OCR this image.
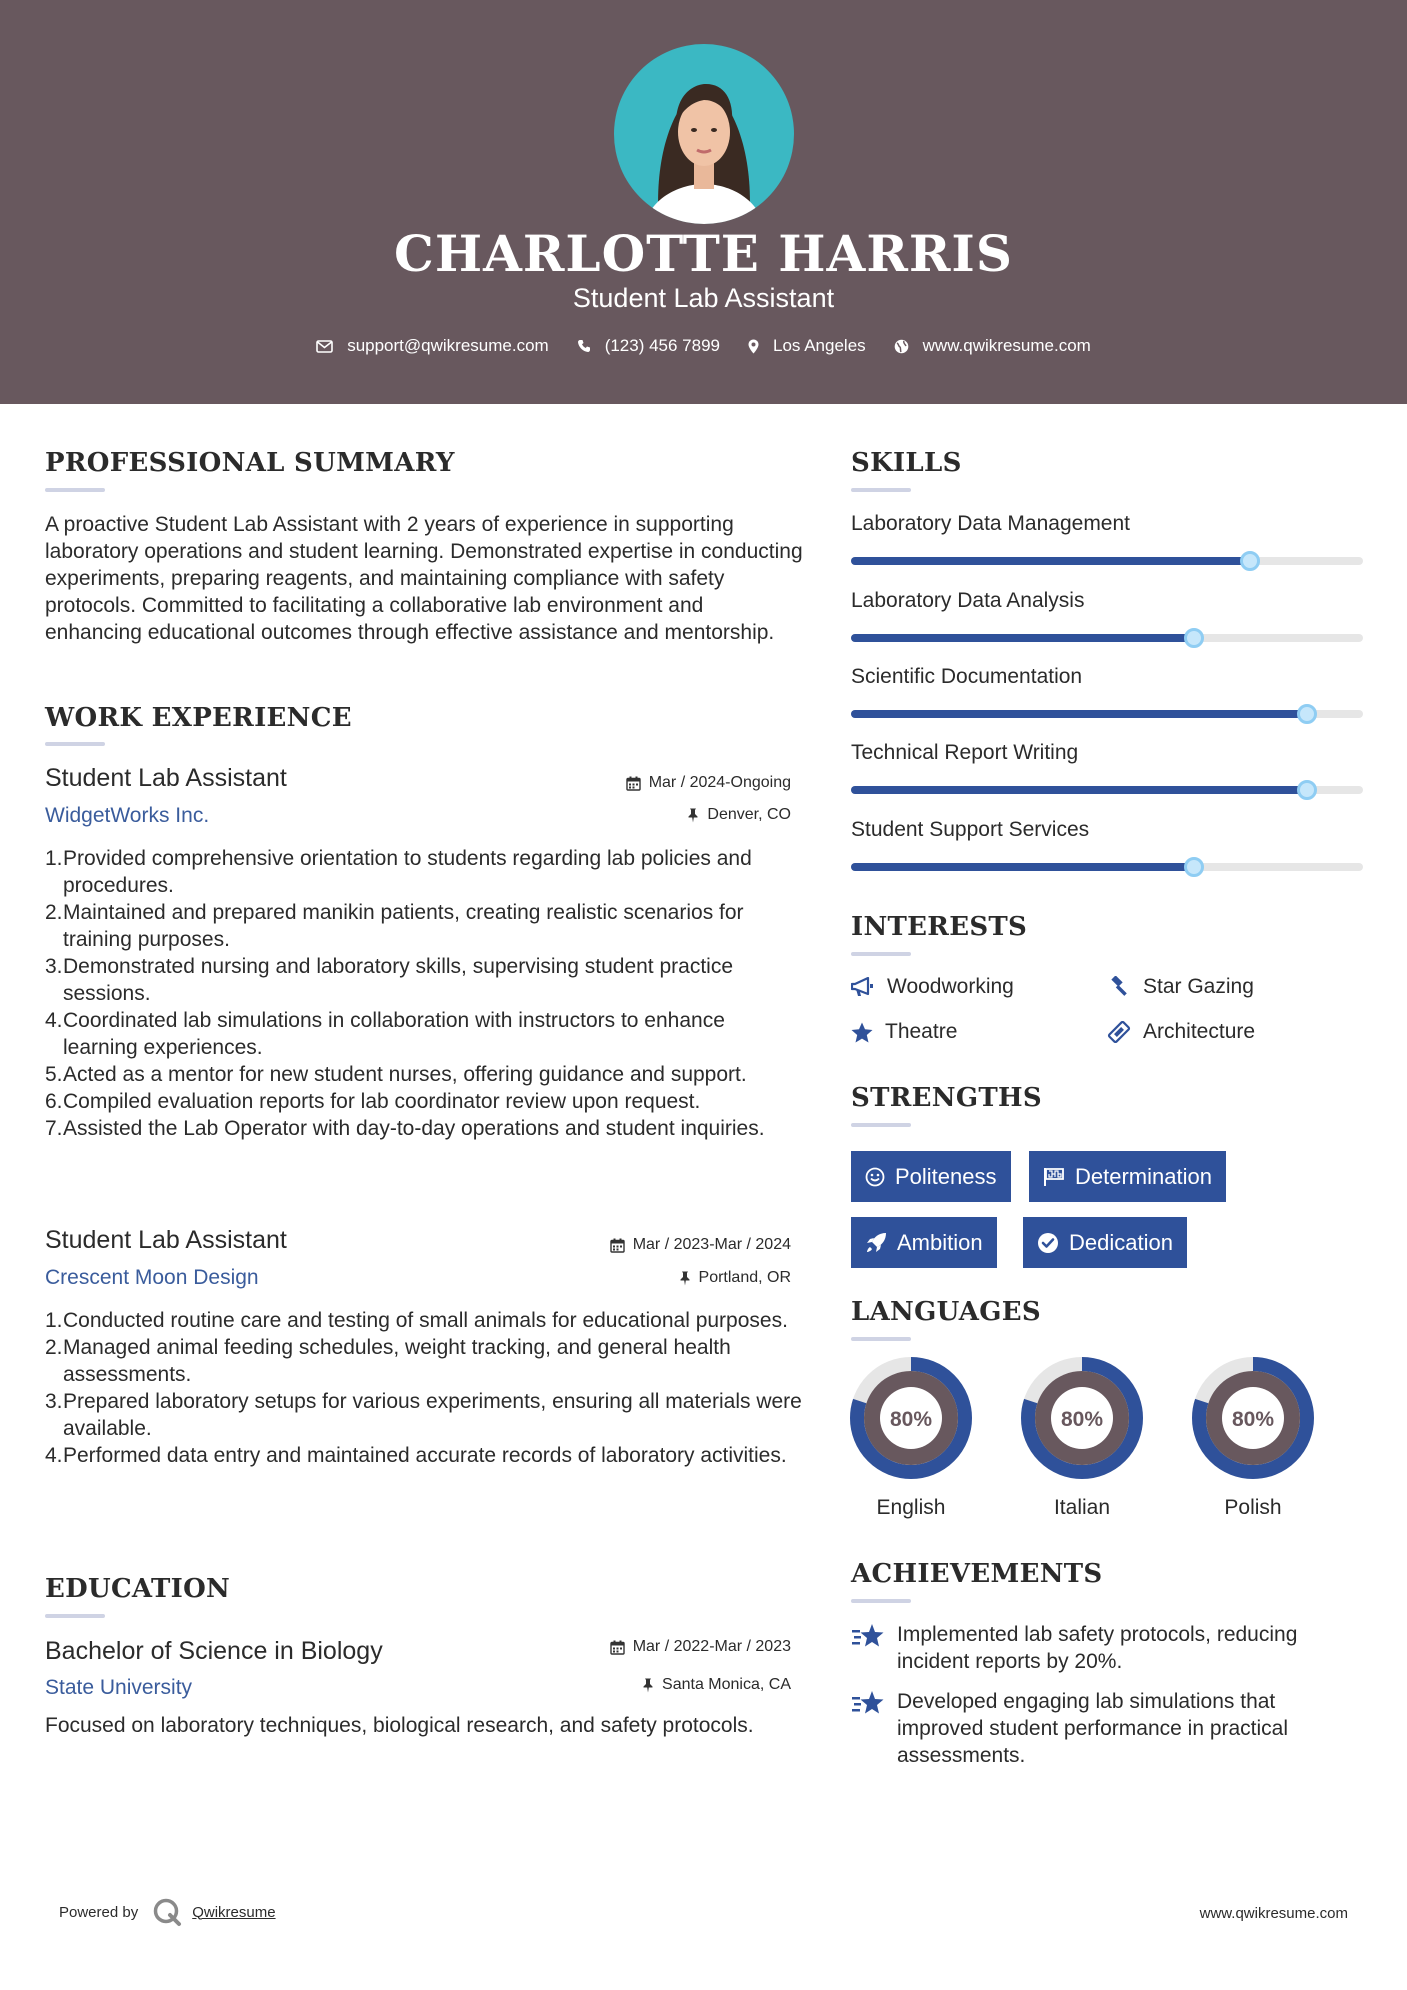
CHARLOTTE HARRIS
Student Lab Assistant
support@qwikresume.com	(123) 456 7899	Los Angeles	www.qwikresume.com
PROFESSIONAL SUMMARY
A proactive Student Lab Assistant with 2 years of experience in supporting laboratory operations and student learning. Demonstrated expertise in conducting experiments, preparing reagents, and maintaining compliance with safety protocols. Committed to facilitating a collaborative lab environment and enhancing educational outcomes through effective assistance and mentorship.
WORK EXPERIENCE
Student Lab Assistant	Mar / 2024-Ongoing
WidgetWorks Inc.	Denver, CO
1. Provided comprehensive orientation to students regarding lab policies and procedures.
2. Maintained and prepared manikin patients, creating realistic scenarios for training purposes.
3. Demonstrated nursing and laboratory skills, supervising student practice sessions.
4. Coordinated lab simulations in collaboration with instructors to enhance learning experiences.
5. Acted as a mentor for new student nurses, offering guidance and support.
6. Compiled evaluation reports for lab coordinator review upon request.
7. Assisted the Lab Operator with day-to-day operations and student inquiries.
Student Lab Assistant	Mar / 2023-Mar / 2024
Crescent Moon Design	Portland, OR
1. Conducted routine care and testing of small animals for educational purposes.
2. Managed animal feeding schedules, weight tracking, and general health assessments.
3. Prepared laboratory setups for various experiments, ensuring all materials were available.
4. Performed data entry and maintained accurate records of laboratory activities.
EDUCATION
Bachelor of Science in Biology	Mar / 2022-Mar / 2023
State University	Santa Monica, CA
Focused on laboratory techniques, biological research, and safety protocols.
SKILLS
Laboratory Data Management
Laboratory Data Analysis
Scientific Documentation
Technical Report Writing
Student Support Services
INTERESTS
Woodworking	Star Gazing
Theatre	Architecture
STRENGTHS
Politeness	Determination
Ambition	Dedication
LANGUAGES
80%
English
80%
Italian
80%
Polish
ACHIEVEMENTS
Implemented lab safety protocols, reducing incident reports by 20%.
Developed engaging lab simulations that improved student performance in practical assessments.
Powered by	Qwikresume	www.qwikresume.com
